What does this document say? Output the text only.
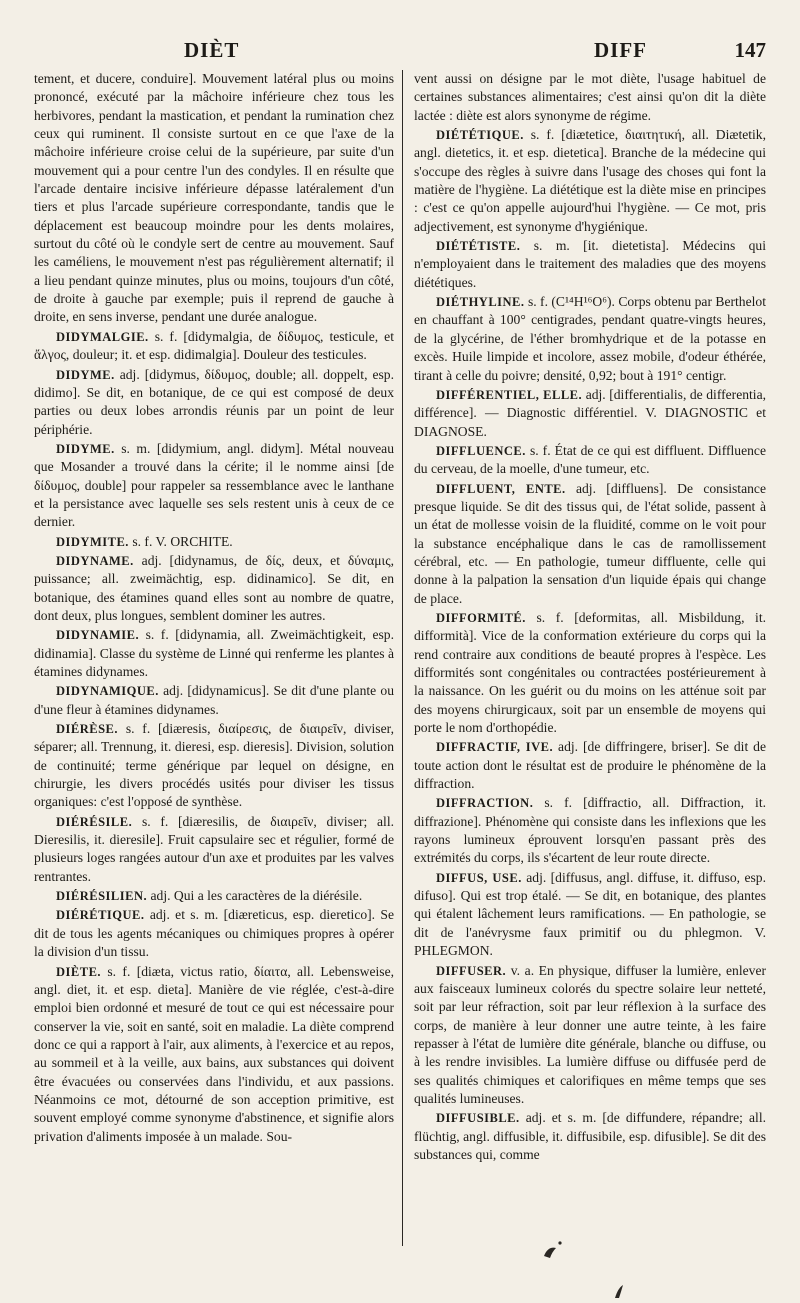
DIÈT	DIFF	147

tement, et ducere, conduire]. Mouvement latéral plus ou moins prononcé, exécuté par la mâchoire inférieure chez tous les herbivores, pendant la mastication, et pendant la rumination chez ceux qui ruminent. Il consiste surtout en ce que l'axe de la mâchoire inférieure croise celui de la supérieure, par suite d'un mouvement qui a pour centre l'un des condyles. Il en résulte que l'arcade dentaire incisive inférieure dépasse latéralement d'un tiers et plus l'arcade supérieure correspondante, tandis que le déplacement est beaucoup moindre pour les dents molaires, surtout du côté où le condyle sert de centre au mouvement. Sauf les caméliens, le mouvement n'est pas régulièrement alternatif; il a lieu pendant quinze minutes, plus ou moins, toujours d'un côté, de droite à gauche par exemple; puis il reprend de gauche à droite, en sens inverse, pendant une durée analogue.

DIDYMALGIE. s. f. [didymalgia, de δίδυμος, testicule, et ἄλγος, douleur; it. et esp. didimalgia]. Douleur des testicules.

DIDYME. adj. [didymus, δίδυμος, double; all. doppelt, esp. didimo]. Se dit, en botanique, de ce qui est composé de deux parties ou deux lobes arrondis réunis par un point de leur périphérie.

DIDYME. s. m. [didymium, angl. didym]. Métal nouveau que Mosander a trouvé dans la cérite; il le nomme ainsi [de δίδυμος, double] pour rappeler sa ressemblance avec le lanthane et la persistance avec laquelle ses sels restent unis à ceux de ce dernier.

DIDYMITE. s. f. V. ORCHITE.

DIDYNAME. adj. [didynamus, de δίς, deux, et δύναμις, puissance; all. zweimächtig, esp. didinamico]. Se dit, en botanique, des étamines quand elles sont au nombre de quatre, dont deux, plus longues, semblent dominer les autres.

DIDYNAMIE. s. f. [didynamia, all. Zweimächtigkeit, esp. didinamia]. Classe du système de Linné qui renferme les plantes à étamines didynames.

DIDYNAMIQUE. adj. [didynamicus]. Se dit d'une plante ou d'une fleur à étamines didynames.

DIÉRÈSE. s. f. [diæresis, διαίρεσις, de διαιρεῖν, diviser, séparer; all. Trennung, it. dieresi, esp. dieresis]. Division, solution de continuité; terme générique par lequel on désigne, en chirurgie, les divers procédés usités pour diviser les tissus organiques: c'est l'opposé de synthèse.

DIÉRÉSILE. s. f. [diæresilis, de διαιρεῖν, diviser; all. Dieresilis, it. dieresile]. Fruit capsulaire sec et régulier, formé de plusieurs loges rangées autour d'un axe et produites par les valves rentrantes.

DIÉRÉSILIEN. adj. Qui a les caractères de la diérésile.

DIÉRÉTIQUE. adj. et s. m. [diæreticus, esp. dieretico]. Se dit de tous les agents mécaniques ou chimiques propres à opérer la division d'un tissu.

DIÈTE. s. f. [diæta, victus ratio, δίαιτα, all. Lebensweise, angl. diet, it. et esp. dieta]. Manière de vie réglée, c'est-à-dire emploi bien ordonné et mesuré de tout ce qui est nécessaire pour conserver la vie, soit en santé, soit en maladie. La diète comprend donc ce qui a rapport à l'air, aux aliments, à l'exercice et au repos, au sommeil et à la veille, aux bains, aux substances qui doivent être évacuées ou conservées dans l'individu, et aux passions. Néanmoins ce mot, détourné de son acception primitive, est souvent employé comme synonyme d'abstinence, et signifie alors privation d'aliments imposée à un malade. Sou-

vent aussi on désigne par le mot diète, l'usage habituel de certaines substances alimentaires; c'est ainsi qu'on dit la diète lactée : diète est alors synonyme de régime.

DIÉTÉTIQUE. s. f. [diætetice, διαιτητική, all. Diætetik, angl. dietetics, it. et esp. dietetica]. Branche de la médecine qui s'occupe des règles à suivre dans l'usage des choses qui font la matière de l'hygiène. La diététique est la diète mise en principes : c'est ce qu'on appelle aujourd'hui l'hygiène. — Ce mot, pris adjectivement, est synonyme d'hygiénique.

DIÉTÉTISTE. s. m. [it. dietetista]. Médecins qui n'employaient dans le traitement des maladies que des moyens diététiques.

DIÉTHYLINE. s. f. (C¹⁴H¹⁶O⁶). Corps obtenu par Berthelot en chauffant à 100° centigrades, pendant quatre-vingts heures, de la glycérine, de l'éther bromhydrique et de la potasse en excès. Huile limpide et incolore, assez mobile, d'odeur éthérée, tirant à celle du poivre; densité, 0,92; bout à 191° centigr.

DIFFÉRENTIEL, ELLE. adj. [differentialis, de differentia, différence]. — Diagnostic différentiel. V. DIAGNOSTIC et DIAGNOSE.

DIFFLUENCE. s. f. État de ce qui est diffluent. Diffluence du cerveau, de la moelle, d'une tumeur, etc.

DIFFLUENT, ENTE. adj. [diffluens]. De consistance presque liquide. Se dit des tissus qui, de l'état solide, passent à un état de mollesse voisin de la fluidité, comme on le voit pour la substance encéphalique dans le cas de ramollissement cérébral, etc. — En pathologie, tumeur diffluente, celle qui donne à la palpation la sensation d'un liquide épais qui change de place.

DIFFORMITÉ. s. f. [deformitas, all. Misbildung, it. difformità]. Vice de la conformation extérieure du corps qui la rend contraire aux conditions de beauté propres à l'espèce. Les difformités sont congénitales ou contractées postérieurement à la naissance. On les guérit ou du moins on les atténue soit par des moyens chirurgicaux, soit par un ensemble de moyens qui porte le nom d'orthopédie.

DIFFRACTIF, IVE. adj. [de diffringere, briser]. Se dit de toute action dont le résultat est de produire le phénomène de la diffraction.

DIFFRACTION. s. f. [diffractio, all. Diffraction, it. diffrazione]. Phénomène qui consiste dans les inflexions que les rayons lumineux éprouvent lorsqu'en passant près des extrémités du corps, ils s'écartent de leur route directe.

DIFFUS, USE. adj. [diffusus, angl. diffuse, it. diffuso, esp. difuso]. Qui est trop étalé. — Se dit, en botanique, des plantes qui étalent lâchement leurs ramifications. — En pathologie, se dit de l'anévrysme faux primitif ou du phlegmon. V. PHLEGMON.

DIFFUSER. v. a. En physique, diffuser la lumière, enlever aux faisceaux lumineux colorés du spectre solaire leur netteté, soit par leur réfraction, soit par leur réflexion à la surface des corps, de manière à leur donner une autre teinte, à les faire repasser à l'état de lumière dite générale, blanche ou diffuse, ou à les rendre invisibles. La lumière diffuse ou diffusée perd de ses qualités chimiques et calorifiques en même temps que ses qualités lumineuses.

DIFFUSIBLE. adj. et s. m. [de diffundere, répandre; all. flüchtig, angl. diffusible, it. diffusibile, esp. difusible]. Se dit des substances qui, comme
